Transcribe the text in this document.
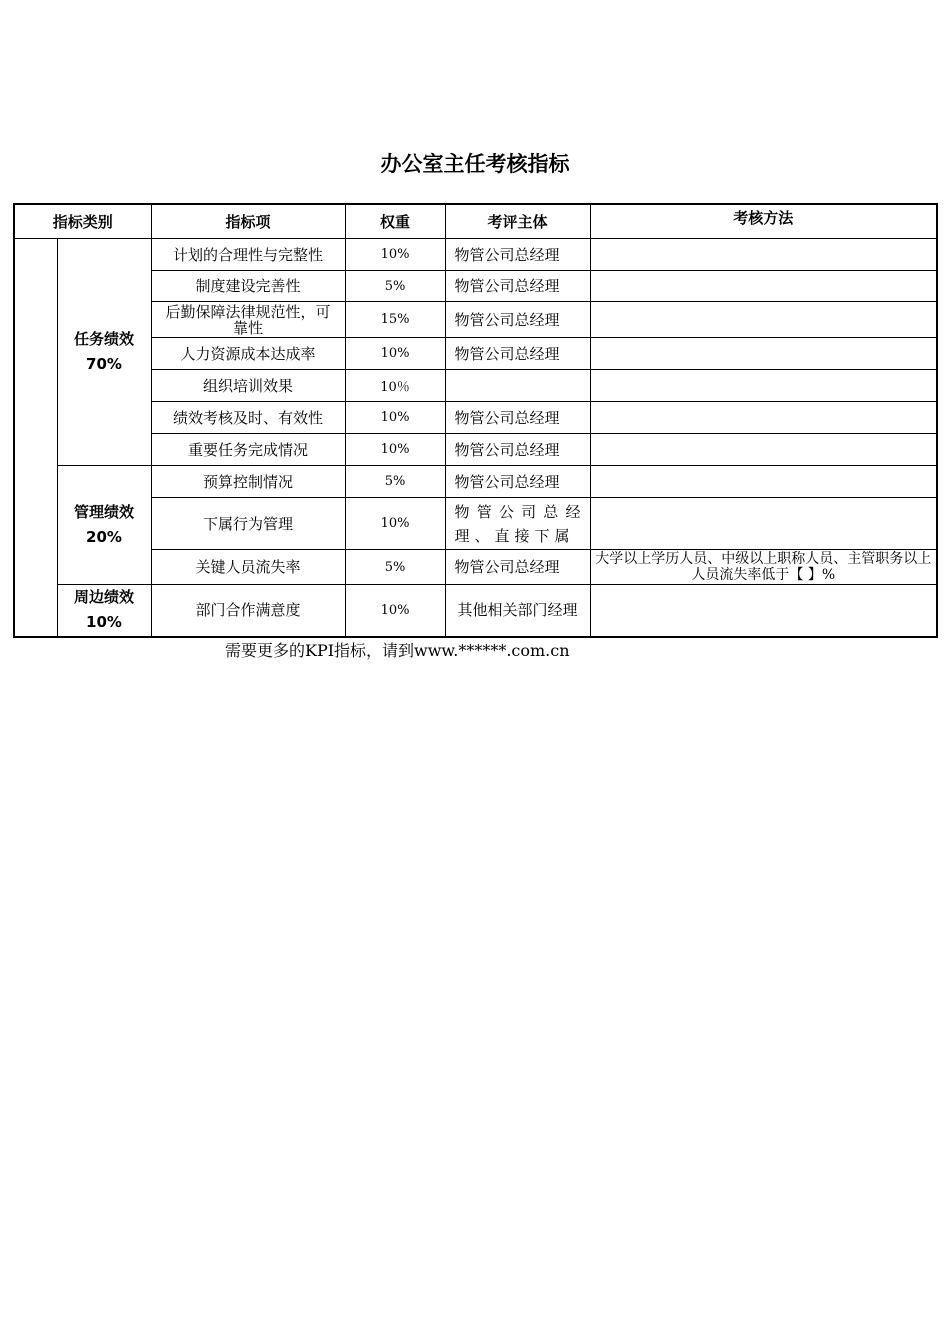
办公室主任考核指标
指标类别		指标项	权重	考评主体	考核方法

	任务绩效
70%	计划的合理性与完整性	10%	物管公司总经理	
		制度建设完善性	5%	物管公司总经理	
		后勤保障法律规范性，可靠性	15%	物管公司总经理	
		人力资源成本达成率	10%	物管公司总经理	
		组织培训效果	10％		
		绩效考核及时、有效性	10%	物管公司总经理	
		重要任务完成情况	10%	物管公司总经理	

	管理绩效
20%	预算控制情况	5%	物管公司总经理	
		下属行为管理	10%	物管公司总经理、直接下属	
		关键人员流失率	5%	物管公司总经理	大学以上学历人员、中级以上职称人员、主管职务以上人员流失率低于【 】%

	周边绩效
10%	部门合作满意度	10%	其他相关部门经理	
需要更多的KPI指标，请到www.******.com.cn
